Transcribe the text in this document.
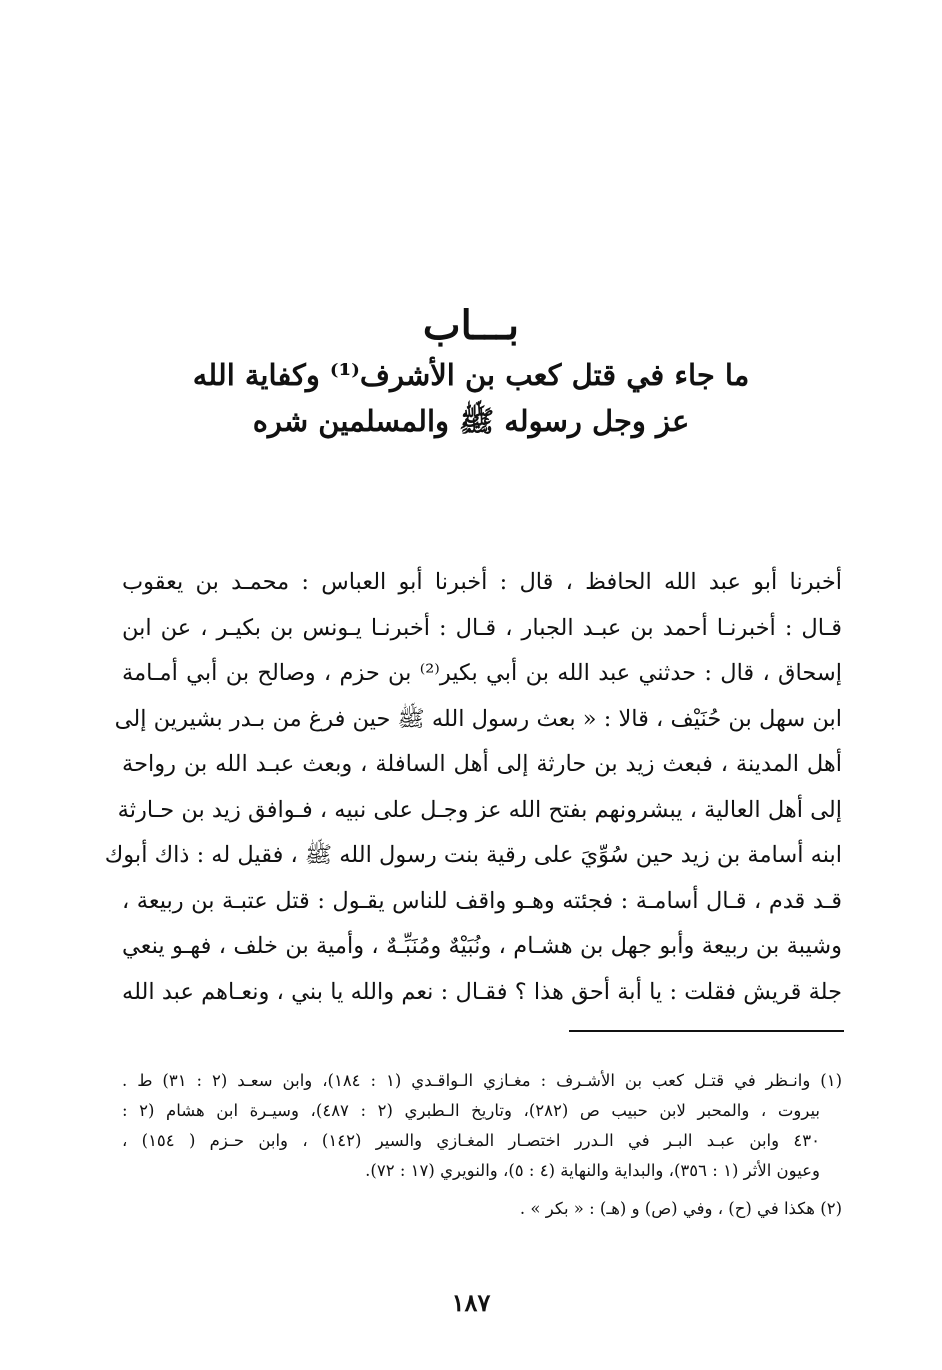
بـــاب

ما جاء في قتل كعب بن الأشرف⁽¹⁾ وكفاية الله

عز وجل رسوله ﷺ والمسلمين شره

أخبرنا أبو عبد الله الحافظ ، قال : أخبرنا أبو العباس : محمـد بن يعقوب
قـال : أخبرنـا أحمد بن عبـد الجبار ، قـال : أخبرنـا يـونس بن بكيـر ، عن ابن
إسحاق ، قال : حدثني عبد الله بن أبي بكير⁽²⁾ بن حزم ، وصالح بن أبي أمـامة
ابن سهل بن حُنَيْف ، قالا : « بعث رسول الله ﷺ حين فرغ من بـدر بشيرين إلى
أهل المدينة ، فبعث زيد بن حارثة إلى أهل السافلة ، وبعث عبـد الله بن رواحة
إلى أهل العالية ، يبشرونهم بفتح الله عز وجـل على نبيه ، فـوافق زيد بن حـارثة
ابنه أسامة بن زيد حين سُوِّيَ على رقية بنت رسول الله ﷺ ، فقيل له : ذاك أبوك
قـد قدم ، قـال أسامـة : فجئته وهـو واقف للناس يقـول : قتل عتبـة بن ربيعة ،
وشيبة بن ربيعة وأبو جهل بن هشـام ، ونُبَيْهٌ ومُنَبِّـهٌ ، وأمية بن خلف ، فهـو ينعي
جلة قريش فقلت : يا أبة أحق هذا ؟ فقـال : نعم والله يا بني ، ونعـاهم عبد الله
(١) وانـظر في قتـل كعب بن الأشـرف : مغـازي الـواقـدي (١ : ١٨٤)، وابن سعـد (٢ : ٣١) ط .
بيروت ، والمحبر لابن حبيب ص (٢٨٢)، وتاريخ الـطبري (٢ : ٤٨٧)، وسيـرة ابن هشام (٢ :
٤٣٠ وابن عبـد البـر في الـدرر اختصـار المغـازي والسير (١٤٢) ، وابن حـزم ( ١٥٤) ،
وعيون الأثر (١ : ٣٥٦)، والبداية والنهاية (٤ : ٥)، والنويري (١٧ : ٧٢).
(٢) هكذا في (ح) ، وفي (ص) و (هـ) : « بكر » .
١٨٧
